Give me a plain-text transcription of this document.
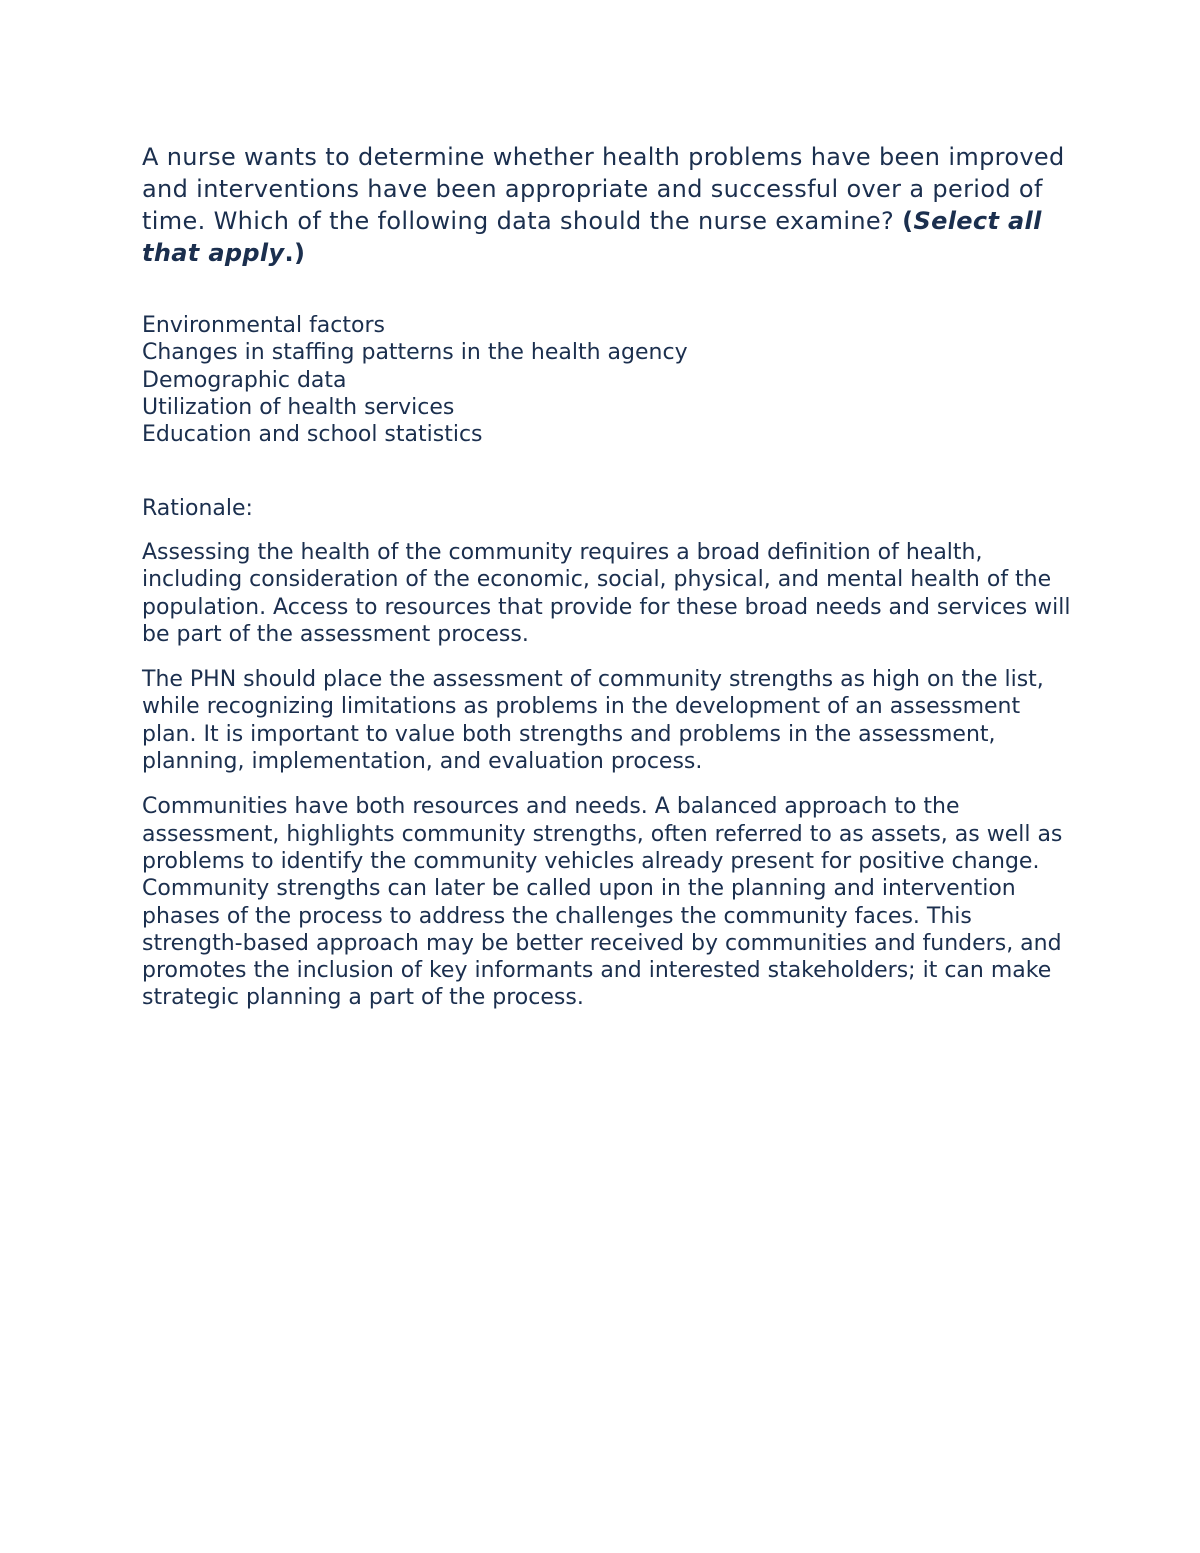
A nurse wants to determine whether health problems have been improved and interventions have been appropriate and successful over a period of time. Which of the following data should the nurse examine? (Select all that apply.)

Environmental factors
Changes in staffing patterns in the health agency
Demographic data
Utilization of health services
Education and school statistics

Rationale:

Assessing the health of the community requires a broad definition of health, including consideration of the economic, social, physical, and mental health of the population. Access to resources that provide for these broad needs and services will be part of the assessment process.

The PHN should place the assessment of community strengths as high on the list, while recognizing limitations as problems in the development of an assessment plan. It is important to value both strengths and problems in the assessment, planning, implementation, and evaluation process.

Communities have both resources and needs. A balanced approach to the assessment, highlights community strengths, often referred to as assets, as well as problems to identify the community vehicles already present for positive change. Community strengths can later be called upon in the planning and intervention phases of the process to address the challenges the community faces. This strength-based approach may be better received by communities and funders, and promotes the inclusion of key informants and interested stakeholders; it can make strategic planning a part of the process.
